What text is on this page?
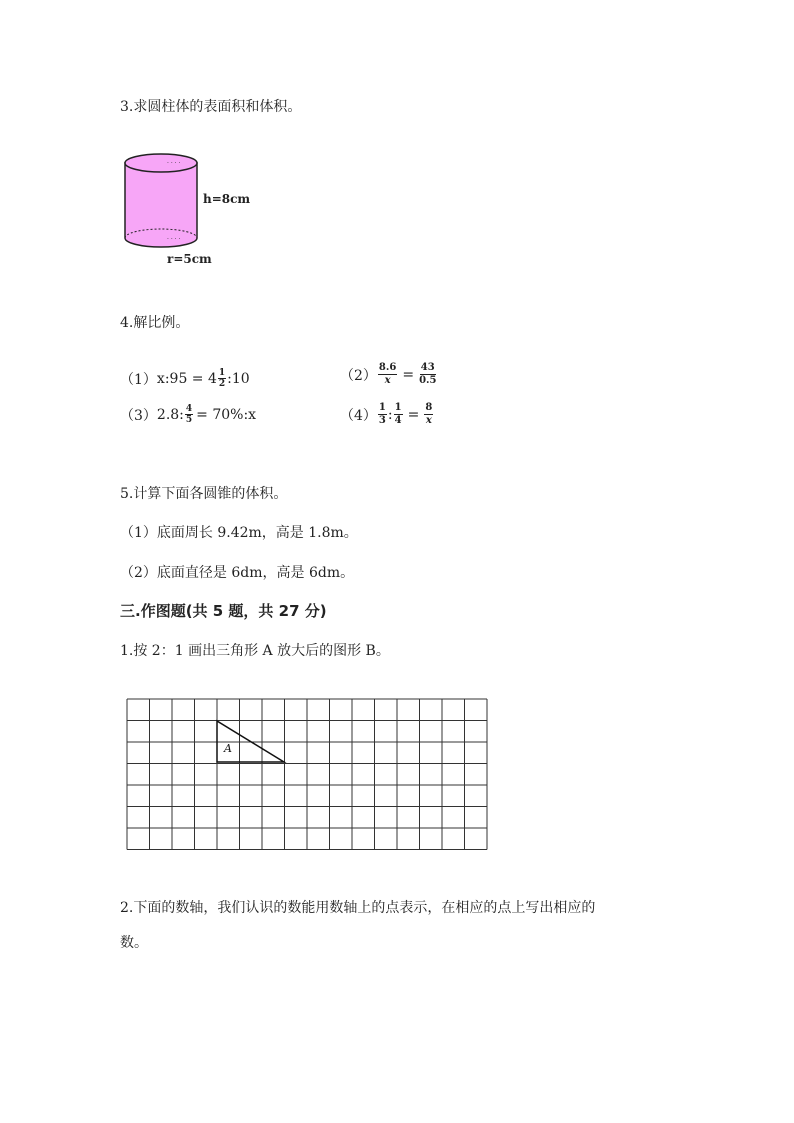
3.求圆柱体的表面积和体积。
· · · ·
· · · ·
h=8cm
r=5cm
4.解比例。
（1） x:95 = $4 \frac{1}{2}$ :10	$(2) \frac{8.6}{x} = \frac{43}{0.5}$
（3） 2.8: $\frac{4}{5}$ = 70%:x	$(4) \frac{1}{3}$ : $\frac{1}{4} = \frac{8}{x}$
5.计算下面各圆锥的体积。
（1）底面周长 9.42m，高是 1.8m。
（2）底面直径是 6dm，高是 6dm。
三.作图题(共 5 题，共 27 分)
1.按 2：1 画出三角形 A 放大后的图形 B。
A
2.下面的数轴，我们认识的数能用数轴上的点表示，在相应的点上写出相应的
数。
